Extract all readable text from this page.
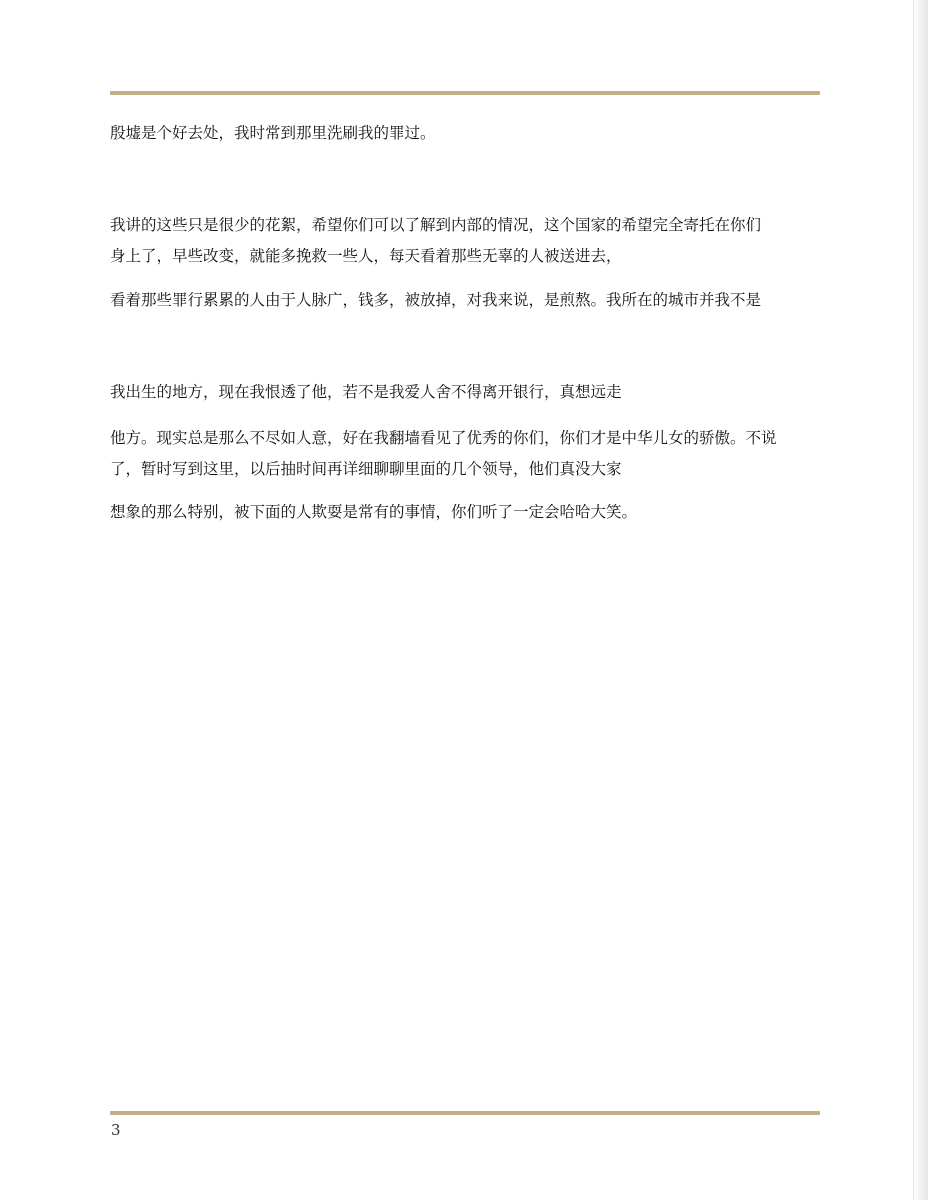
殷墟是个好去处，我时常到那里洗刷我的罪过。

我讲的这些只是很少的花絮，希望你们可以了解到内部的情况，这个国家的希望完全寄托在你们

身上了，早些改变，就能多挽救一些人，每天看着那些无辜的人被送进去，

看着那些罪行累累的人由于人脉广，钱多，被放掉，对我来说，是煎熬。我所在的城市并我不是

我出生的地方，现在我恨透了他，若不是我爱人舍不得离开银行，真想远走

他方。现实总是那么不尽如人意，好在我翻墙看见了优秀的你们，你们才是中华儿女的骄傲。不说

了，暂时写到这里，以后抽时间再详细聊聊里面的几个领导，他们真没大家

想象的那么特别，被下面的人欺耍是常有的事情，你们听了一定会哈哈大笑。

3
